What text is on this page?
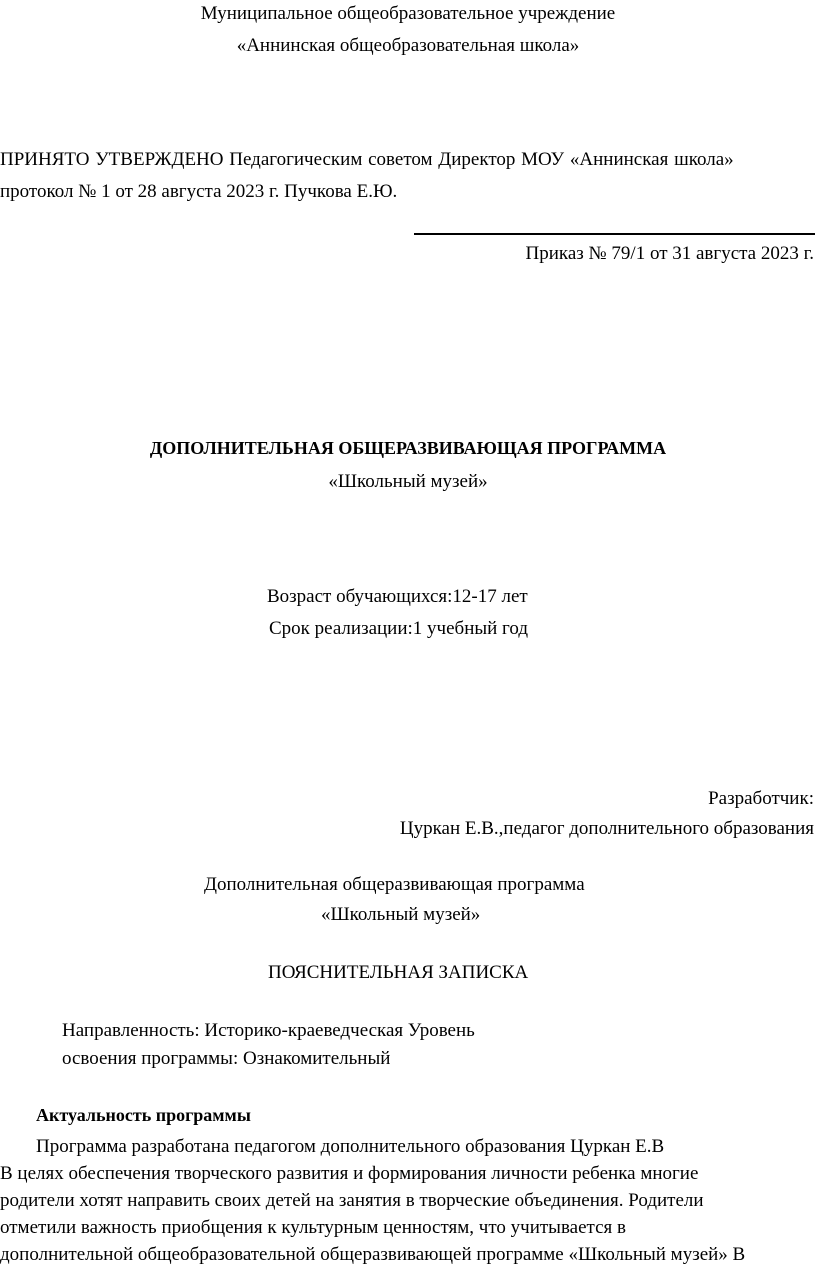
Муниципальное общеобразовательное учреждение
«Аннинская общеобразовательная школа»
ПРИНЯТО УТВЕРЖДЕНО Педагогическим советом Директор МОУ «Аннинская школа»
протокол № 1 от 28 августа 2023 г. Пучкова Е.Ю.
Приказ № 79/1 от 31 августа 2023 г.
ДОПОЛНИТЕЛЬНАЯ ОБЩЕРАЗВИВАЮЩАЯ ПРОГРАММА
«Школьный музей»
Возраст обучающихся:12-17 лет
Срок реализации:1 учебный год
Разработчик:
Цуркан Е.В.,педагог дополнительного образования
Дополнительная общеразвивающая программа
«Школьный музей»
ПОЯСНИТЕЛЬНАЯ ЗАПИСКА
Направленность: Историко-краеведческая Уровень
освоения программы: Ознакомительный
Актуальность программы
Программа разработана педагогом дополнительного образования Цуркан Е.В
В целях обеспечения творческого развития и формирования личности ребенка многие
родители хотят направить своих детей на занятия в творческие объединения. Родители
отметили важность приобщения к культурным ценностям, что учитывается в
дополнительной общеобразовательной общеразвивающей программе «Школьный музей» В
